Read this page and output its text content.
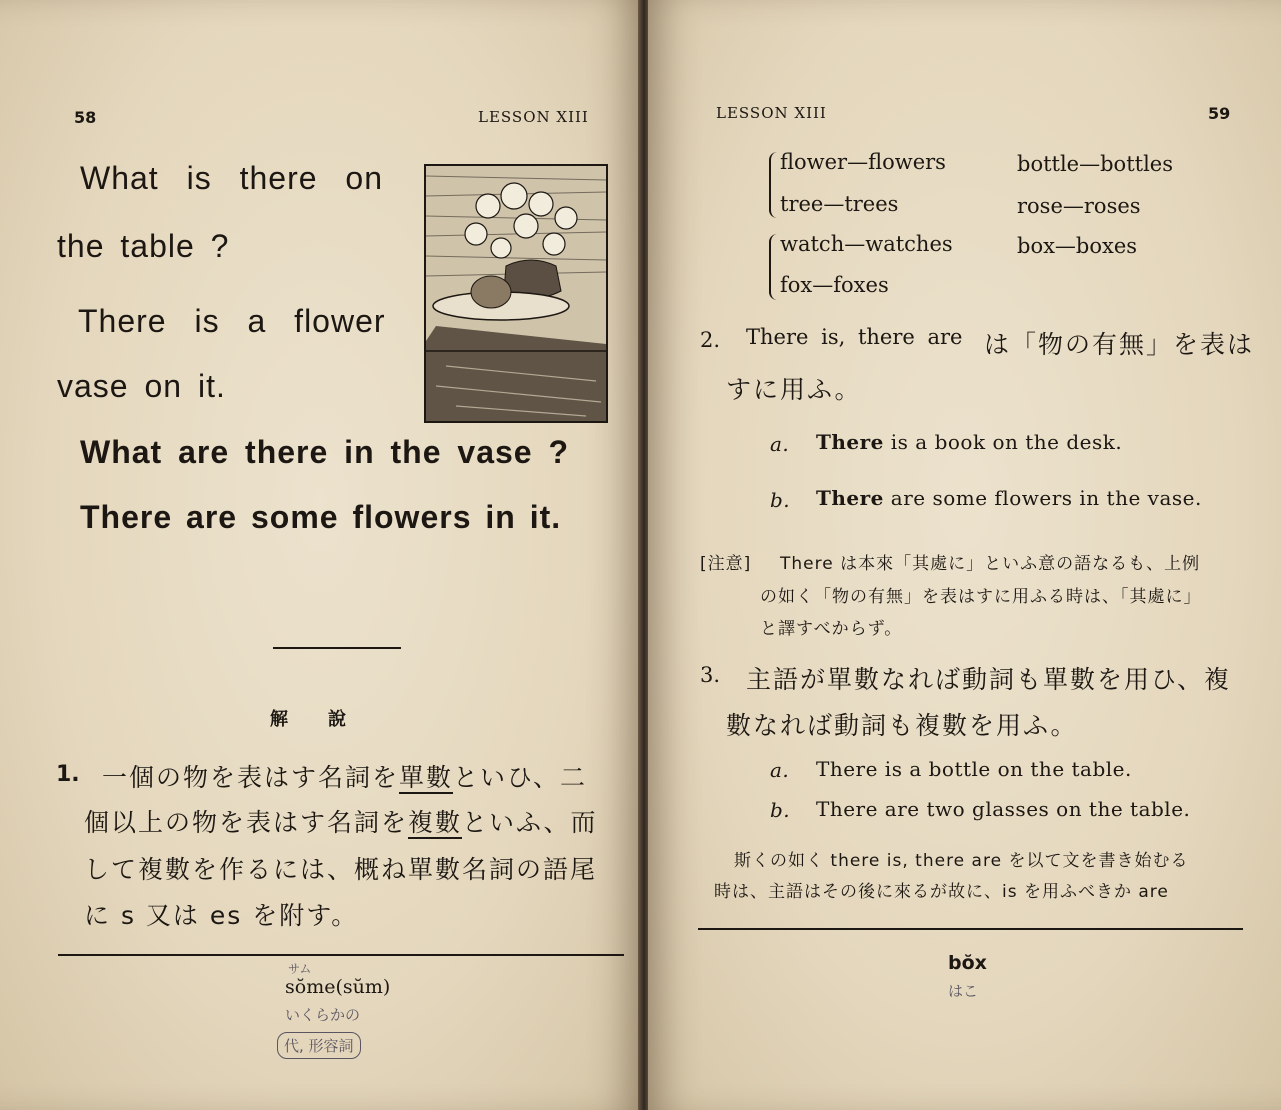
58	LESSON XIII
What is there on
the table ?
There is a flower
vase on it.
What are there in the vase ?
There are some flowers in it.
解說
1. 一個の物を表はす名詞を單數といひ、二
個以上の物を表はす名詞を複數といふ、而
して複數を作るには、概ね單數名詞の語尾
に s 又は es を附す。
sŏme(sŭm)
サム
いくらかの
代, 形容詞
LESSON XIII	59
flower—flowers
tree—trees
watch—watches
fox—foxes
bottle—bottles
rose—roses
box—boxes
2. There is, there are は「物の有無」を表は
すに用ふ。
a. There is a book on the desk.
b. There are some flowers in the vase.
[注意] There は本來「其處に」といふ意の語なるも、上例
の如く「物の有無」を表はすに用ふる時は、「其處に」
と譯すべからず。
3. 主語が單數なれば動詞も單數を用ひ、複
數なれば動詞も複數を用ふ。
a. There is a bottle on the table.
b. There are two glasses on the table.
斯くの如く there is, there are を以て文を書き始むる
時は、主語はその後に來るが故に、is を用ふべきか are
bŏx
はこ
